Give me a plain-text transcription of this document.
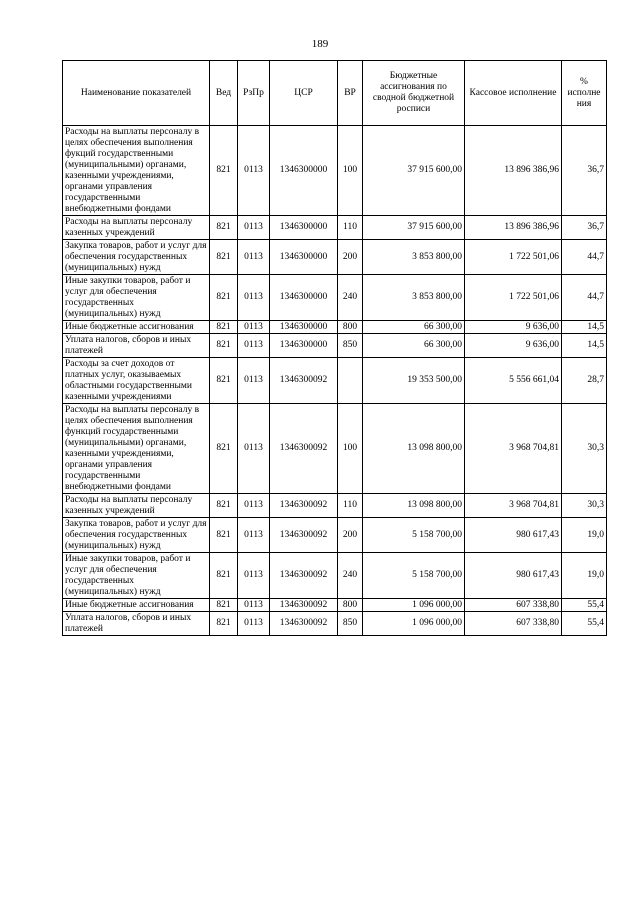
189
Наименование показателей	Вед	РзПр	ЦСР	ВР	Бюджетные ассигнования по сводной бюджетной росписи	Кассовое исполнение	% исполне ния
Расходы на выплаты персоналу в целях обеспечения выполнения фукций государственными (муниципальными) органами, казенными учреждениями, органами управления государственными внебюджетными фондами	821	0113	1346300000	100	37 915 600,00	13 896 386,96	36,7
Расходы на выплаты персоналу казенных учреждений	821	0113	1346300000	110	37 915 600,00	13 896 386,96	36,7
Закупка товаров, работ и услуг для обеспечения государственных (муниципальных) нужд	821	0113	1346300000	200	3 853 800,00	1 722 501,06	44,7
Иные закупки товаров, работ и услуг для обеспечения государственных (муниципальных) нужд	821	0113	1346300000	240	3 853 800,00	1 722 501,06	44,7
Иные бюджетные ассигнования	821	0113	1346300000	800	66 300,00	9 636,00	14,5
Уплата налогов, сборов и иных платежей	821	0113	1346300000	850	66 300,00	9 636,00	14,5
Расходы за счет доходов от платных услуг, оказываемых областными государственными казенными учреждениями	821	0113	1346300092		19 353 500,00	5 556 661,04	28,7
Расходы на выплаты персоналу в целях обеспечения выполнения функций государственными (муниципальными) органами, казенными учреждениями, органами управления государственными внебюджетными фондами	821	0113	1346300092	100	13 098 800,00	3 968 704,81	30,3
Расходы на выплаты персоналу казенных учреждений	821	0113	1346300092	110	13 098 800,00	3 968 704,81	30,3
Закупка товаров, работ и услуг для обеспечения государственных (муниципальных) нужд	821	0113	1346300092	200	5 158 700,00	980 617,43	19,0
Иные закупки товаров, работ и услуг для обеспечения государственных (муниципальных) нужд	821	0113	1346300092	240	5 158 700,00	980 617,43	19,0
Иные бюджетные ассигнования	821	0113	1346300092	800	1 096 000,00	607 338,80	55,4
Уплата налогов, сборов и иных платежей	821	0113	1346300092	850	1 096 000,00	607 338,80	55,4
